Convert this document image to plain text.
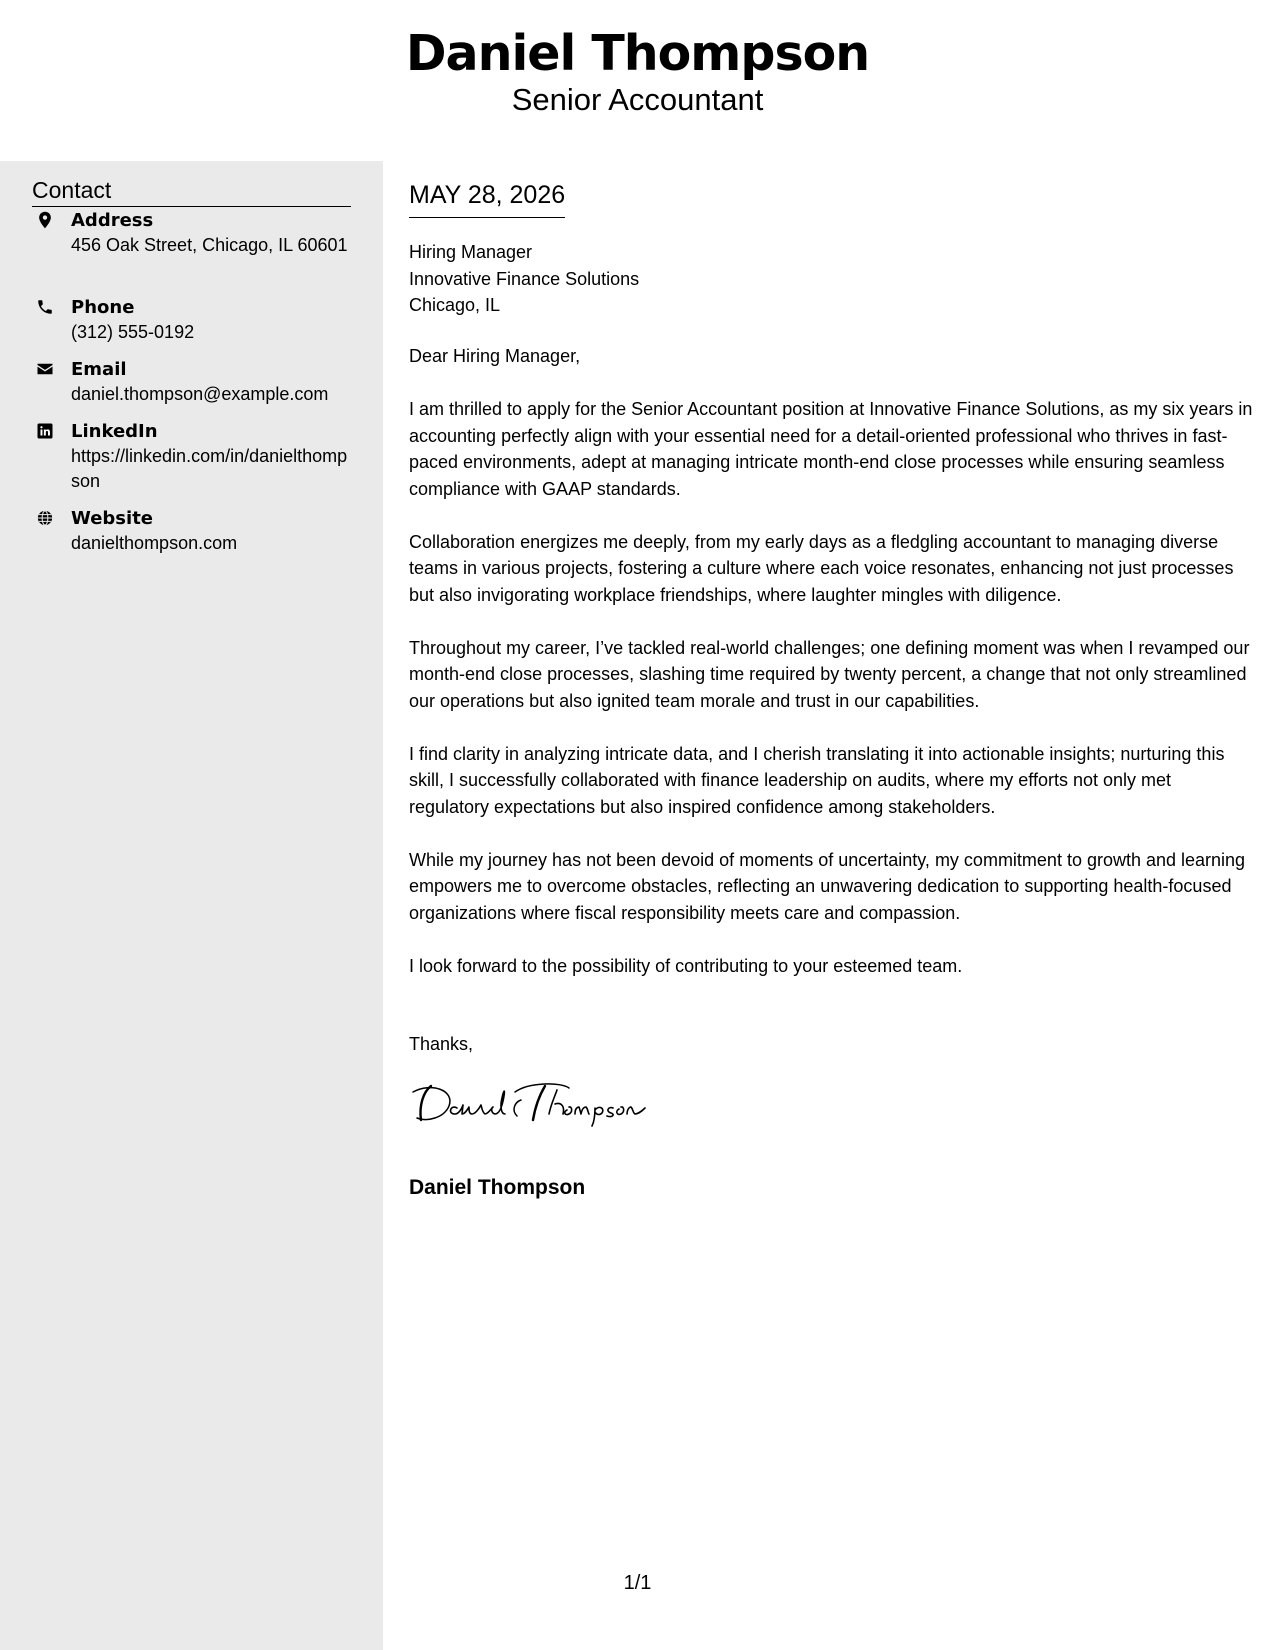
Daniel Thompson
Senior Accountant
Contact
Address
456 Oak Street, Chicago, IL 60601
Phone
(312) 555-0192
Email
daniel.thompson@example.com
LinkedIn
https://linkedin.com/in/danielthompson
Website
danielthompson.com
MAY 28, 2026
Hiring Manager
Innovative Finance Solutions
Chicago, IL

Dear Hiring Manager,

I am thrilled to apply for the Senior Accountant position at Innovative Finance Solutions, as my six years in accounting perfectly align with your essential need for a detail-oriented professional who thrives in fast-paced environments, adept at managing intricate month-end close processes while ensuring seamless compliance with GAAP standards.

Collaboration energizes me deeply, from my early days as a fledgling accountant to managing diverse teams in various projects, fostering a culture where each voice resonates, enhancing not just processes but also invigorating workplace friendships, where laughter mingles with diligence.

Throughout my career, I’ve tackled real-world challenges; one defining moment was when I revamped our month-end close processes, slashing time required by twenty percent, a change that not only streamlined our operations but also ignited team morale and trust in our capabilities.

I find clarity in analyzing intricate data, and I cherish translating it into actionable insights; nurturing this skill, I successfully collaborated with finance leadership on audits, where my efforts not only met regulatory expectations but also inspired confidence among stakeholders.

While my journey has not been devoid of moments of uncertainty, my commitment to growth and learning empowers me to overcome obstacles, reflecting an unwavering dedication to supporting health-focused organizations where fiscal responsibility meets care and compassion.

I look forward to the possibility of contributing to your esteemed team.

Thanks,
Daniel Thompson
1/1
